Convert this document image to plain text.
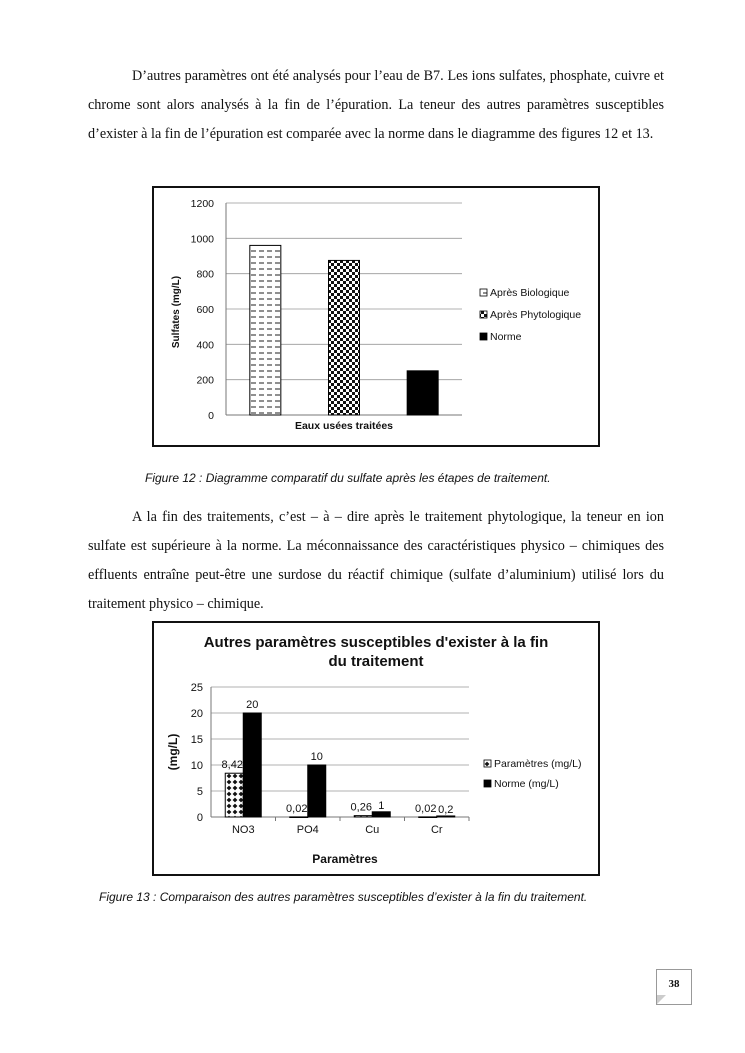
D’autres paramètres ont été analysés pour l’eau de B7. Les ions sulfates, phosphate, cuivre et chrome sont alors analysés à la fin de l’épuration. La teneur des autres paramètres susceptibles d’exister à la fin de l’épuration est comparée avec la norme dans le diagramme des figures 12 et 13.

0
200
400
600
800
1000
1200
Eaux usées traitées
Sulfates (mg/L)	Après Biologique
Après Phytologique
Norme

Figure 12 : Diagramme comparatif du sulfate après les étapes de traitement.

A la fin des traitements, c’est – à – dire après le traitement phytologique, la teneur en ion sulfate est supérieure à la norme. La méconnaissance des caractéristiques physico – chimiques des effluents entraîne peut-être une surdose du réactif chimique (sulfate d’aluminium) utilisé lors du traitement physico – chimique.

Autres paramètres susceptibles d'exister à la fin
du traitement
0
5
10
15
20
25
NO3
8,42
20
PO4
0,02
10
Cu
0,26 1
Cr
0,02 0,2
Paramètres
(mg/L)	Paramètres (mg/L)
Norme (mg/L)

Figure 13 : Comparaison des autres paramètres susceptibles d’exister à la fin du traitement.

38
